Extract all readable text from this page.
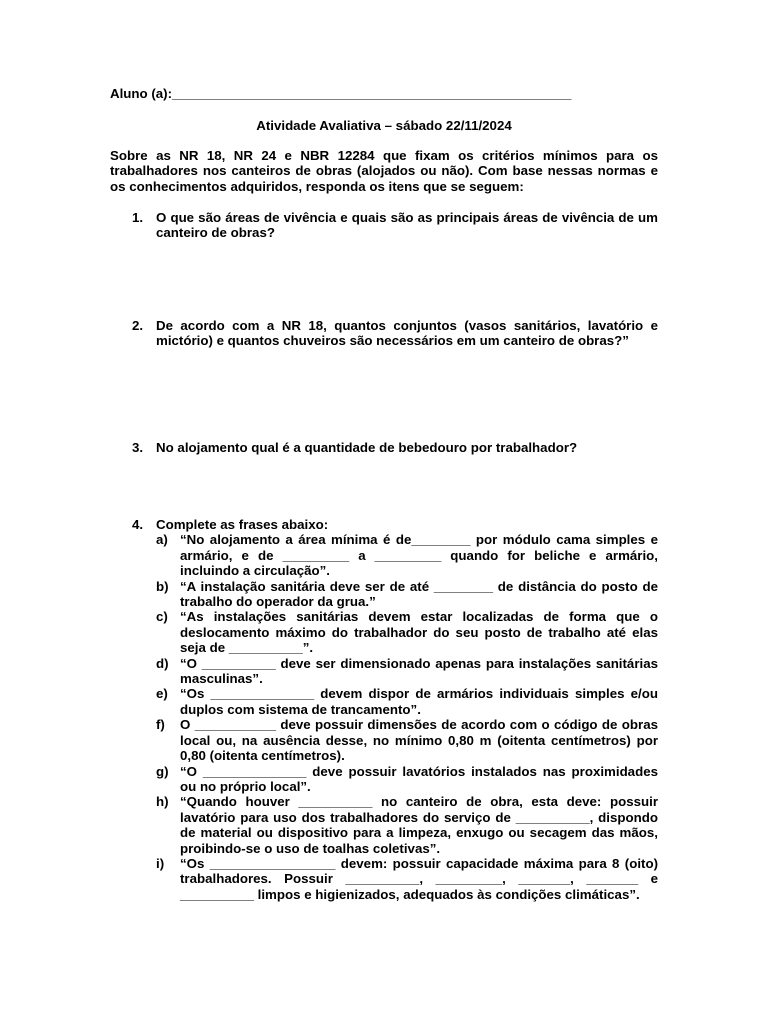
Aluno (a):______________________________________________________
Atividade Avaliativa – sábado 22/11/2024
Sobre as NR 18, NR 24 e NBR 12284 que fixam os critérios mínimos para os trabalhadores nos canteiros de obras (alojados ou não). Com base nessas normas e os conhecimentos adquiridos, responda os itens que se seguem:
1. O que são áreas de vivência e quais são as principais áreas de vivência de um canteiro de obras?
2. De acordo com a NR 18, quantos conjuntos (vasos sanitários, lavatório e mictório) e quantos chuveiros são necessários em um canteiro de obras?”
3. No alojamento qual é a quantidade de bebedouro por trabalhador?
4. Complete as frases abaixo:
a) “No alojamento a área mínima é de________ por módulo cama simples e armário, e de _________ a _________ quando for beliche e armário, incluindo a circulação”.
b) “A instalação sanitária deve ser de até ________ de distância do posto de trabalho do operador da grua.”
c) “As instalações sanitárias devem estar localizadas de forma que o deslocamento máximo do trabalhador do seu posto de trabalho até elas seja de __________”.
d) “O __________ deve ser dimensionado apenas para instalações sanitárias masculinas”.
e) “Os ______________ devem dispor de armários individuais simples e/ou duplos com sistema de trancamento”.
f) O ___________ deve possuir dimensões de acordo com o código de obras local ou, na ausência desse, no mínimo 0,80 m (oitenta centímetros) por 0,80 (oitenta centímetros).
g) “O ______________ deve possuir lavatórios instalados nas proximidades ou no próprio local”.
h) “Quando houver __________ no canteiro de obra, esta deve: possuir lavatório para uso dos trabalhadores do serviço de __________, dispondo de material ou dispositivo para a limpeza, enxugo ou secagem das mãos, proibindo-se o uso de toalhas coletivas”.
i) “Os _________________ devem: possuir capacidade máxima para 8 (oito) trabalhadores. Possuir __________, _________, _______, _______ e __________ limpos e higienizados, adequados às condições climáticas”.
